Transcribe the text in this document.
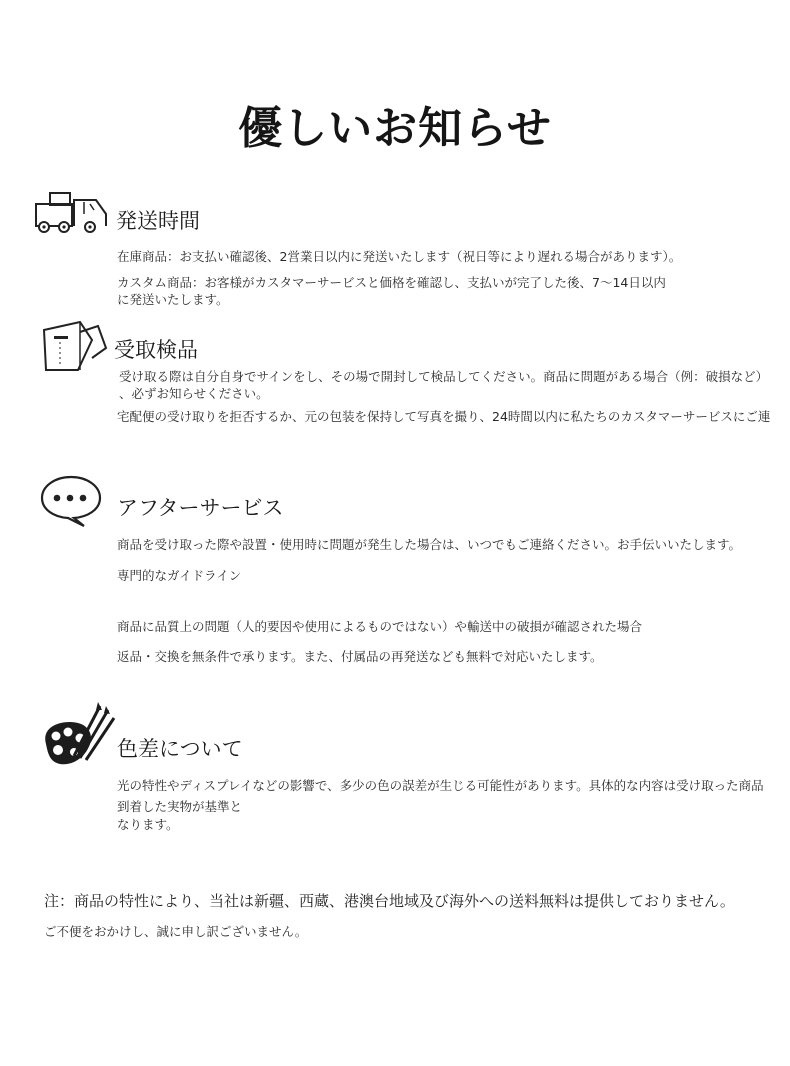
優しいお知らせ
発送時間
在庫商品：お支払い確認後、2営業日以内に発送いたします（祝日等により遅れる場合があります）。
カスタム商品：お客様がカスタマーサービスと価格を確認し、支払いが完了した後、7〜14日以内
に発送いたします。
受取検品
受け取る際は自分自身でサインをし、その場で開封して検品してください。商品に問題がある場合（例：破損など）
、必ずお知らせください。
宅配便の受け取りを拒否するか、元の包装を保持して写真を撮り、24時間以内に私たちのカスタマーサービスにご連
アフターサービス
商品を受け取った際や設置・使用時に問題が発生した場合は、いつでもご連絡ください。お手伝いいたします。
専門的なガイドライン
商品に品質上の問題（人的要因や使用によるものではない）や輸送中の破損が確認された場合
返品・交換を無条件で承ります。また、付属品の再発送なども無料で対応いたします。
色差について
光の特性やディスプレイなどの影響で、多少の色の誤差が生じる可能性があります。具体的な内容は受け取った商品
到着した実物が基準と
なります。
注：商品の特性により、当社は新疆、西蔵、港澳台地域及び海外への送料無料は提供しておりません。
ご不便をおかけし、誠に申し訳ございません。
